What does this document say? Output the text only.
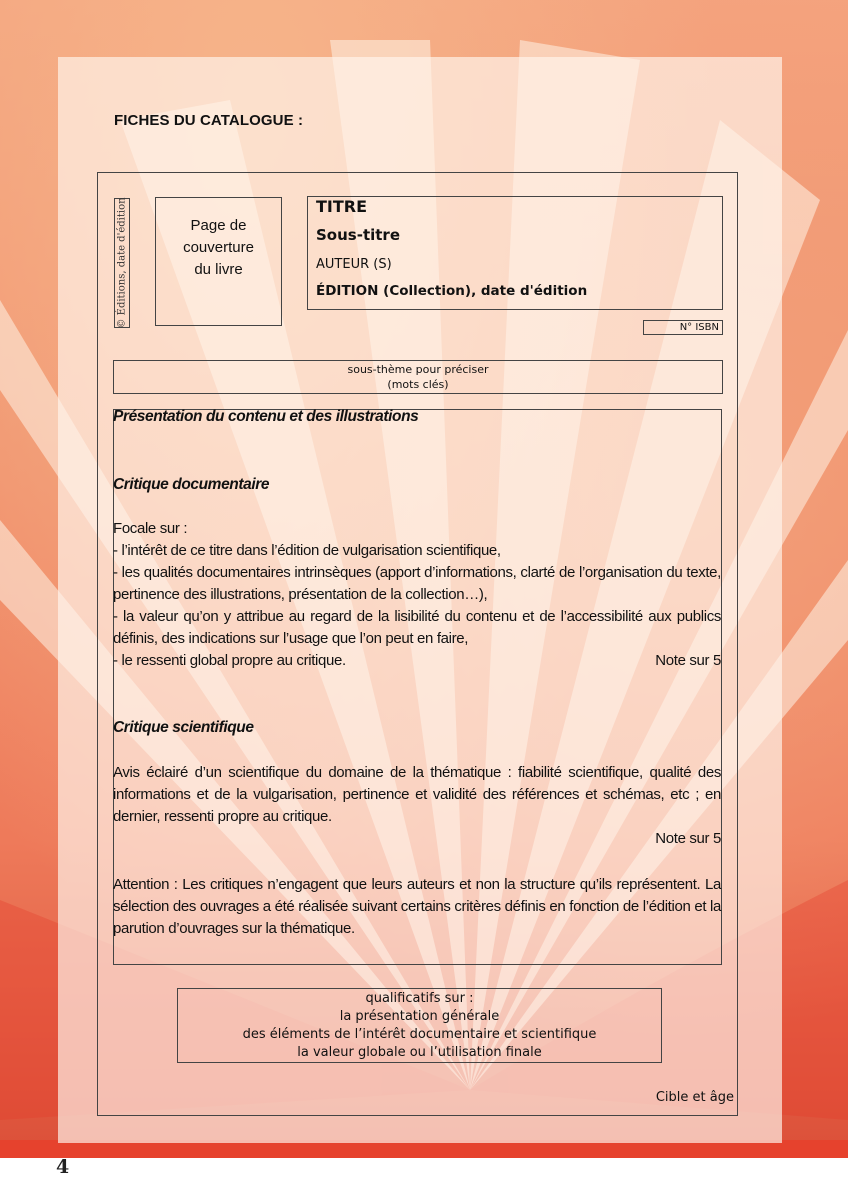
FICHES DU CATALOGUE :
© Éditions, date d'édition	Page de
couverture
du livre
TITRE
Sous-titre
AUTEUR (S)
ÉDITION (Collection), date d'édition
N° ISBN
sous-thème pour préciser
(mots clés)
Présentation du contenu et des illustrations
Critique documentaire
Focale sur :
- l’intérêt de ce titre dans l’édition de vulgarisation scientifique,
- les qualités documentaires intrinsèques (apport d’informations, clarté de l’organisation du texte, pertinence des illustrations, présentation de la collection…),
- la valeur qu’on y attribue au regard de la lisibilité du contenu et de l’accessibilité aux publics définis, des indications sur l’usage que l’on peut en faire,
- le ressenti global propre au critique.	Note sur 5
Critique scientifique
Avis éclairé d’un scientifique du domaine de la thématique : fiabilité scientifique, qualité des informations et de la vulgarisation, pertinence et validité des références et schémas, etc ; en dernier, ressenti propre au critique.
Note sur 5
Attention : Les critiques n’engagent que leurs auteurs et non la structure qu’ils représentent. La sélection des ouvrages a été réalisée suivant certains critères définis en fonction de l’édition et la parution d’ouvrages sur la thématique.
qualificatifs sur :
la présentation générale
des éléments de l’intérêt documentaire et scientifique
la valeur globale ou l’utilisation finale
Cible et âge
4
